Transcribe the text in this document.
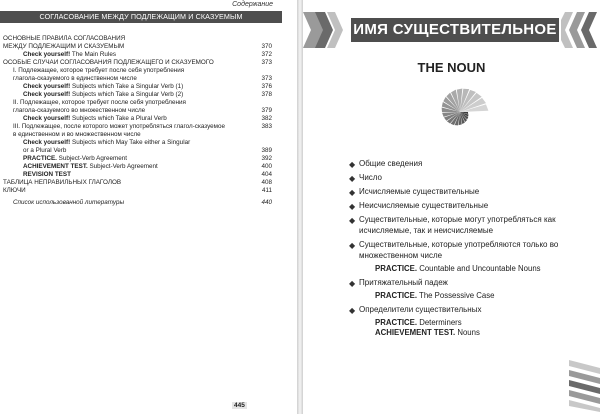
Содержание
СОГЛАСОВАНИЕ МЕЖДУ ПОДЛЕЖАЩИМ И СКАЗУЕМЫМ
ОСНОВНЫЕ ПРАВИЛА СОГЛАСОВАНИЯ
МЕЖДУ ПОДЛЕЖАЩИМ И СКАЗУЕМЫМ	370
Check yourself! The Main Rules	372
ОСОБЫЕ СЛУЧАИ СОГЛАСОВАНИЯ ПОДЛЕЖАЩЕГО И СКАЗУЕМОГО	373
I. Подлежащее, которое требует после себя употребления
глагола-сказуемого в единственном числе	373
Check yourself! Subjects which Take a Singular Verb (1)	376
Check yourself! Subjects which Take a Singular Verb (2)	378
II. Подлежащее, которое требует после себя употребления
глагола-сказуемого во множественном числе	379
Check yourself! Subjects which Take a Plural Verb	382
III. Подлежащее, после которого может употребляться глагол-сказуемое	383
в единственном и во множественном числе
Check yourself! Subjects which May Take either a Singular
or a Plural Verb	389
PRACTICE. Subject-Verb Agreement	392
ACHIEVEMENT TEST. Subject-Verb Agreement	400
REVISION TEST	404
ТАБЛИЦА НЕПРАВИЛЬНЫХ ГЛАГОЛОВ	408
КЛЮЧИ	411
Список использованной литературы	440
445
ИМЯ СУЩЕСТВИТЕЛЬНОЕ
THE NOUN
◆ Общие сведения
◆ Число
◆ Исчисляемые существительные
◆ Неисчисляемые существительные
◆ Существительные, которые могут употребляться как исчисляемые, так и неисчисляемые
◆ Существительные, которые употребляются только во множественном числе
PRACTICE. Countable and Uncountable Nouns
◆ Притяжательный падеж
PRACTICE. The Possessive Case
◆ Определители существительных
PRACTICE. Determiners
ACHIEVEMENT TEST. Nouns
